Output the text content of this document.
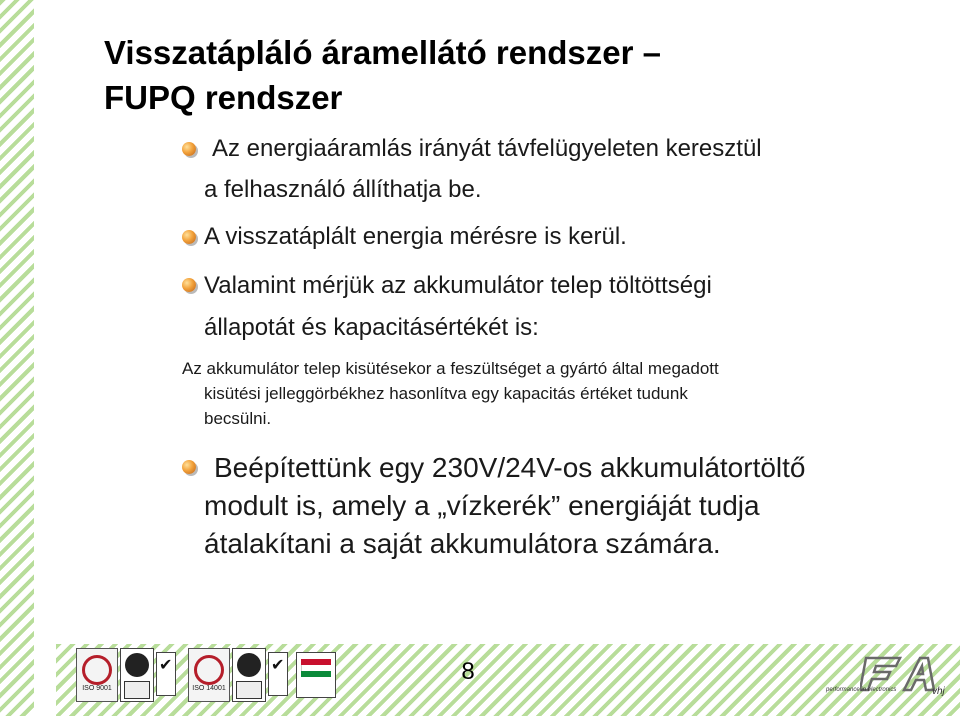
Visszatápláló áramellátó rendszer –
FUPQ rendszer
Az energiaáramlás irányát távfelügyeleten keresztül
a felhasználó állíthatja be.
A visszatáplált energia mérésre is kerül.
Valamint mérjük az akkumulátor telep töltöttségi
állapotát és kapacitásértékét is:
Az akkumulátor telep kisütésekor a feszültséget a gyártó által megadott
kisütési jelleggörbékhez hasonlítva egy kapacitás értéket tudunk
becsülni.
Beépítettünk egy 230V/24V-os akkumulátortöltő
modult is, amely a „vízkerék” energiáját tudja
átalakítani a saját akkumulátora számára.
ISO 9001
✔
ISO 14001
✔	8
vhj
performance in electronics
